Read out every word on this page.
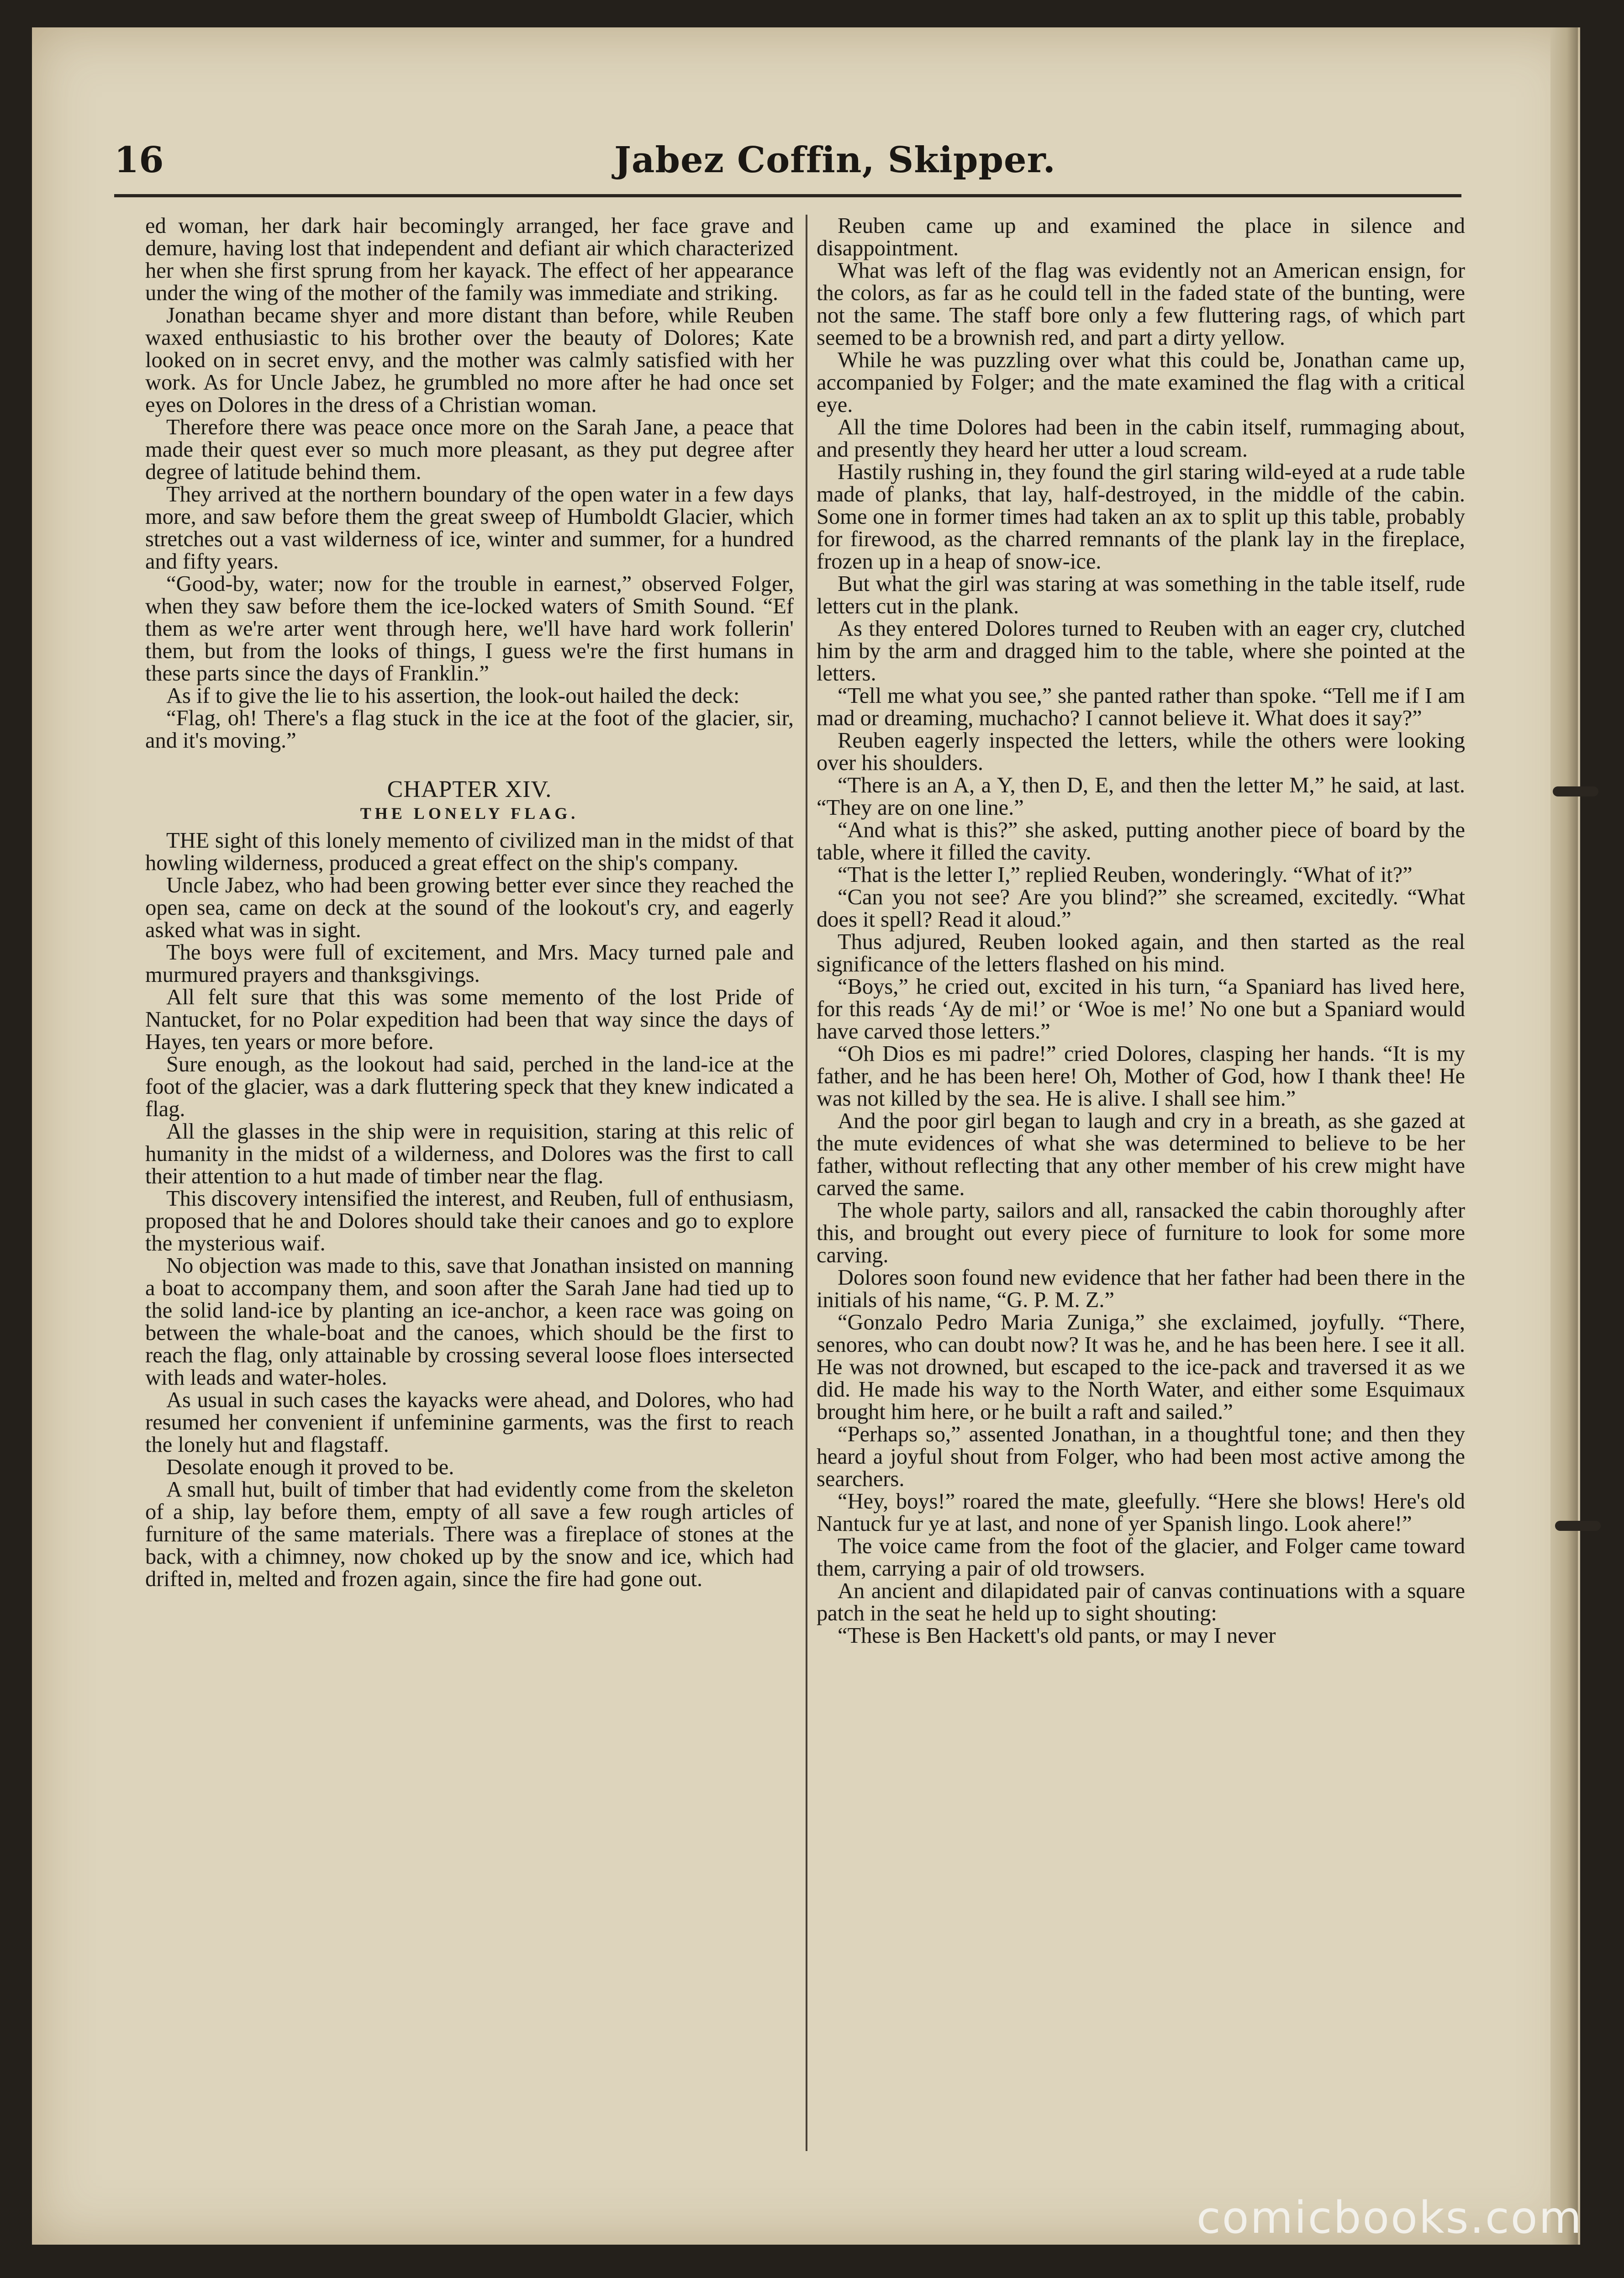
16	Jabez Coffin, Skipper.

ed woman, her dark hair becomingly arranged, her face grave and demure, having lost that independent and defiant air which characterized her when she first sprung from her kayack. The effect of her appearance under the wing of the mother of the family was immediate and striking.

Jonathan became shyer and more distant than before, while Reuben waxed enthusiastic to his brother over the beauty of Dolores; Kate looked on in secret envy, and the mother was calmly satisfied with her work. As for Uncle Jabez, he grumbled no more after he had once set eyes on Dolores in the dress of a Christian woman.

Therefore there was peace once more on the Sarah Jane, a peace that made their quest ever so much more pleasant, as they put degree after degree of latitude behind them.

They arrived at the northern boundary of the open water in a few days more, and saw before them the great sweep of Humboldt Glacier, which stretches out a vast wilderness of ice, winter and summer, for a hundred and fifty years.

“Good-by, water; now for the trouble in earnest,” observed Folger, when they saw before them the ice-locked waters of Smith Sound. “Ef them as we're arter went through here, we'll have hard work follerin' them, but from the looks of things, I guess we're the first humans in these parts since the days of Franklin.”

As if to give the lie to his assertion, the look-out hailed the deck:

“Flag, oh! There's a flag stuck in the ice at the foot of the glacier, sir, and it's moving.”

CHAPTER XIV.
THE LONELY FLAG.

THE sight of this lonely memento of civilized man in the midst of that howling wilderness, produced a great effect on the ship's company.

Uncle Jabez, who had been growing better ever since they reached the open sea, came on deck at the sound of the lookout's cry, and eagerly asked what was in sight.

The boys were full of excitement, and Mrs. Macy turned pale and murmured prayers and thanksgivings.

All felt sure that this was some memento of the lost Pride of Nantucket, for no Polar expedition had been that way since the days of Hayes, ten years or more before.

Sure enough, as the lookout had said, perched in the land-ice at the foot of the glacier, was a dark fluttering speck that they knew indicated a flag.

All the glasses in the ship were in requisition, staring at this relic of humanity in the midst of a wilderness, and Dolores was the first to call their attention to a hut made of timber near the flag.

This discovery intensified the interest, and Reuben, full of enthusiasm, proposed that he and Dolores should take their canoes and go to explore the mysterious waif.

No objection was made to this, save that Jonathan insisted on manning a boat to accompany them, and soon after the Sarah Jane had tied up to the solid land-ice by planting an ice-anchor, a keen race was going on between the whale-boat and the canoes, which should be the first to reach the flag, only attainable by crossing several loose floes intersected with leads and water-holes.

As usual in such cases the kayacks were ahead, and Dolores, who had resumed her convenient if unfeminine garments, was the first to reach the lonely hut and flagstaff.

Desolate enough it proved to be.

A small hut, built of timber that had evidently come from the skeleton of a ship, lay before them, empty of all save a few rough articles of furniture of the same materials. There was a fireplace of stones at the back, with a chimney, now choked up by the snow and ice, which had drifted in, melted and frozen again, since the fire had gone out.

Reuben came up and examined the place in silence and disappointment.

What was left of the flag was evidently not an American ensign, for the colors, as far as he could tell in the faded state of the bunting, were not the same. The staff bore only a few fluttering rags, of which part seemed to be a brownish red, and part a dirty yellow.

While he was puzzling over what this could be, Jonathan came up, accompanied by Folger; and the mate examined the flag with a critical eye.

All the time Dolores had been in the cabin itself, rummaging about, and presently they heard her utter a loud scream.

Hastily rushing in, they found the girl staring wild-eyed at a rude table made of planks, that lay, half-destroyed, in the middle of the cabin. Some one in former times had taken an ax to split up this table, probably for firewood, as the charred remnants of the plank lay in the fireplace, frozen up in a heap of snow-ice.

But what the girl was staring at was something in the table itself, rude letters cut in the plank.

As they entered Dolores turned to Reuben with an eager cry, clutched him by the arm and dragged him to the table, where she pointed at the letters.

“Tell me what you see,” she panted rather than spoke. “Tell me if I am mad or dreaming, muchacho? I cannot believe it. What does it say?”

Reuben eagerly inspected the letters, while the others were looking over his shoulders.

“There is an A, a Y, then D, E, and then the letter M,” he said, at last. “They are on one line.”

“And what is this?” she asked, putting another piece of board by the table, where it filled the cavity.

“That is the letter I,” replied Reuben, wonderingly. “What of it?”

“Can you not see? Are you blind?” she screamed, excitedly. “What does it spell? Read it aloud.”

Thus adjured, Reuben looked again, and then started as the real significance of the letters flashed on his mind.

“Boys,” he cried out, excited in his turn, “a Spaniard has lived here, for this reads ‘Ay de mi!’ or ‘Woe is me!’ No one but a Spaniard would have carved those letters.”

“Oh Dios es mi padre!” cried Dolores, clasping her hands. “It is my father, and he has been here! Oh, Mother of God, how I thank thee! He was not killed by the sea. He is alive. I shall see him.”

And the poor girl began to laugh and cry in a breath, as she gazed at the mute evidences of what she was determined to believe to be her father, without reflecting that any other member of his crew might have carved the same.

The whole party, sailors and all, ransacked the cabin thoroughly after this, and brought out every piece of furniture to look for some more carving.

Dolores soon found new evidence that her father had been there in the initials of his name, “G. P. M. Z.”

“Gonzalo Pedro Maria Zuniga,” she exclaimed, joyfully. “There, senores, who can doubt now? It was he, and he has been here. I see it all. He was not drowned, but escaped to the ice-pack and traversed it as we did. He made his way to the North Water, and either some Esquimaux brought him here, or he built a raft and sailed.”

“Perhaps so,” assented Jonathan, in a thoughtful tone; and then they heard a joyful shout from Folger, who had been most active among the searchers.

“Hey, boys!” roared the mate, gleefully. “Here she blows! Here's old Nantuck fur ye at last, and none of yer Spanish lingo. Look ahere!”

The voice came from the foot of the glacier, and Folger came toward them, carrying a pair of old trowsers.

An ancient and dilapidated pair of canvas continuations with a square patch in the seat he held up to sight shouting:

“These is Ben Hackett's old pants, or may I never

comicbooks.com
